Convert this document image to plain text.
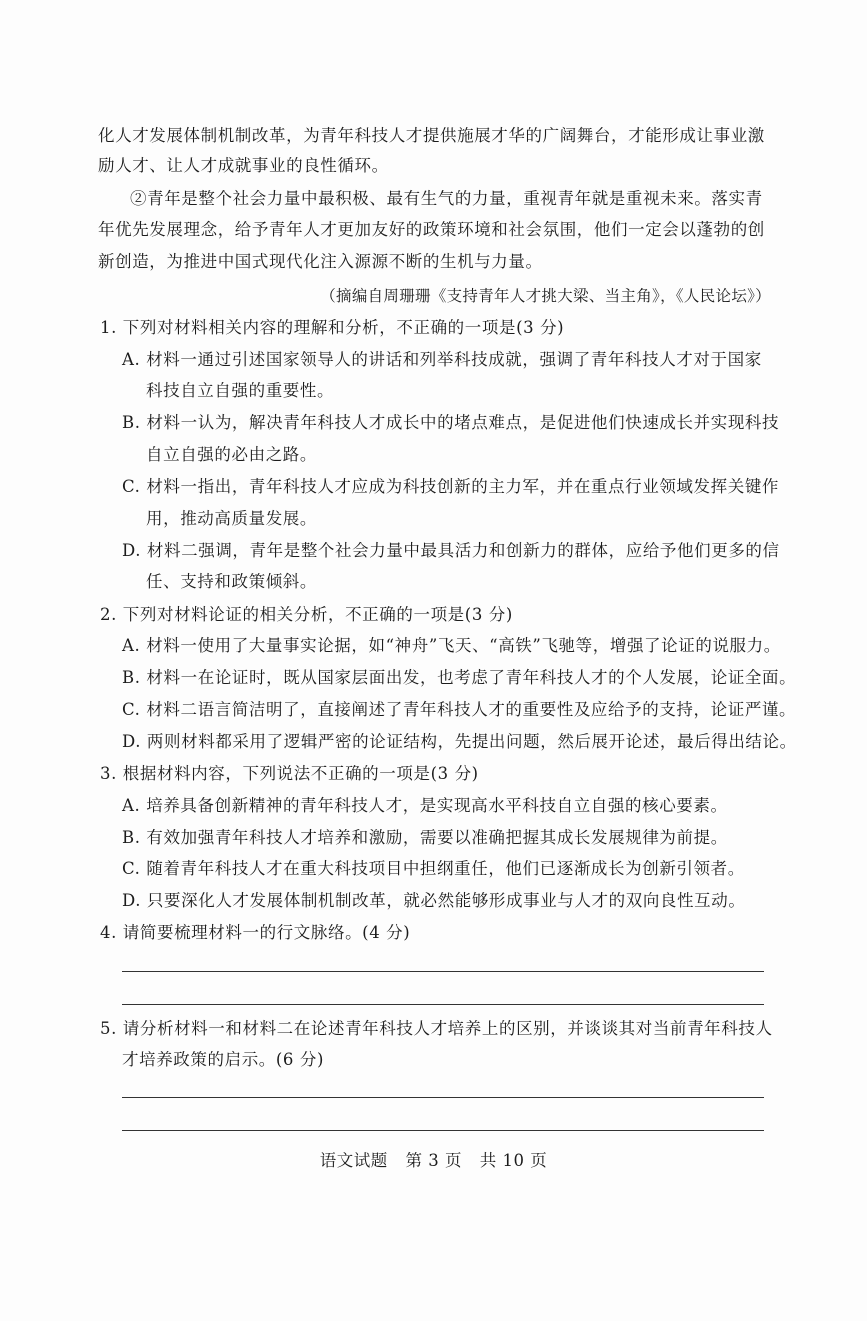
化人才发展体制机制改革，为青年科技人才提供施展才华的广阔舞台，才能形成让事业激
励人才、让人才成就事业的良性循环。
②青年是整个社会力量中最积极、最有生气的力量，重视青年就是重视未来。落实青
年优先发展理念，给予青年人才更加友好的政策环境和社会氛围，他们一定会以蓬勃的创
新创造，为推进中国式现代化注入源源不断的生机与力量。
（摘编自周珊珊《支持青年人才挑大梁、当主角》，《人民论坛》）
1. 下列对材料相关内容的理解和分析，不正确的一项是(3 分)
A. 材料一通过引述国家领导人的讲话和列举科技成就，强调了青年科技人才对于国家
科技自立自强的重要性。
B. 材料一认为，解决青年科技人才成长中的堵点难点，是促进他们快速成长并实现科技
自立自强的必由之路。
C. 材料一指出，青年科技人才应成为科技创新的主力军，并在重点行业领域发挥关键作
用，推动高质量发展。
D. 材料二强调，青年是整个社会力量中最具活力和创新力的群体，应给予他们更多的信
任、支持和政策倾斜。
2. 下列对材料论证的相关分析，不正确的一项是(3 分)
A. 材料一使用了大量事实论据，如“神舟”飞天、“高铁”飞驰等，增强了论证的说服力。
B. 材料一在论证时，既从国家层面出发，也考虑了青年科技人才的个人发展，论证全面。
C. 材料二语言简洁明了，直接阐述了青年科技人才的重要性及应给予的支持，论证严谨。
D. 两则材料都采用了逻辑严密的论证结构，先提出问题，然后展开论述，最后得出结论。
3. 根据材料内容，下列说法不正确的一项是(3 分)
A. 培养具备创新精神的青年科技人才，是实现高水平科技自立自强的核心要素。
B. 有效加强青年科技人才培养和激励，需要以准确把握其成长发展规律为前提。
C. 随着青年科技人才在重大科技项目中担纲重任，他们已逐渐成长为创新引领者。
D. 只要深化人才发展体制机制改革，就必然能够形成事业与人才的双向良性互动。
4. 请简要梳理材料一的行文脉络。(4 分)
5. 请分析材料一和材料二在论述青年科技人才培养上的区别，并谈谈其对当前青年科技人
才培养政策的启示。(6 分)
语文试题 第 3 页 共 10 页
